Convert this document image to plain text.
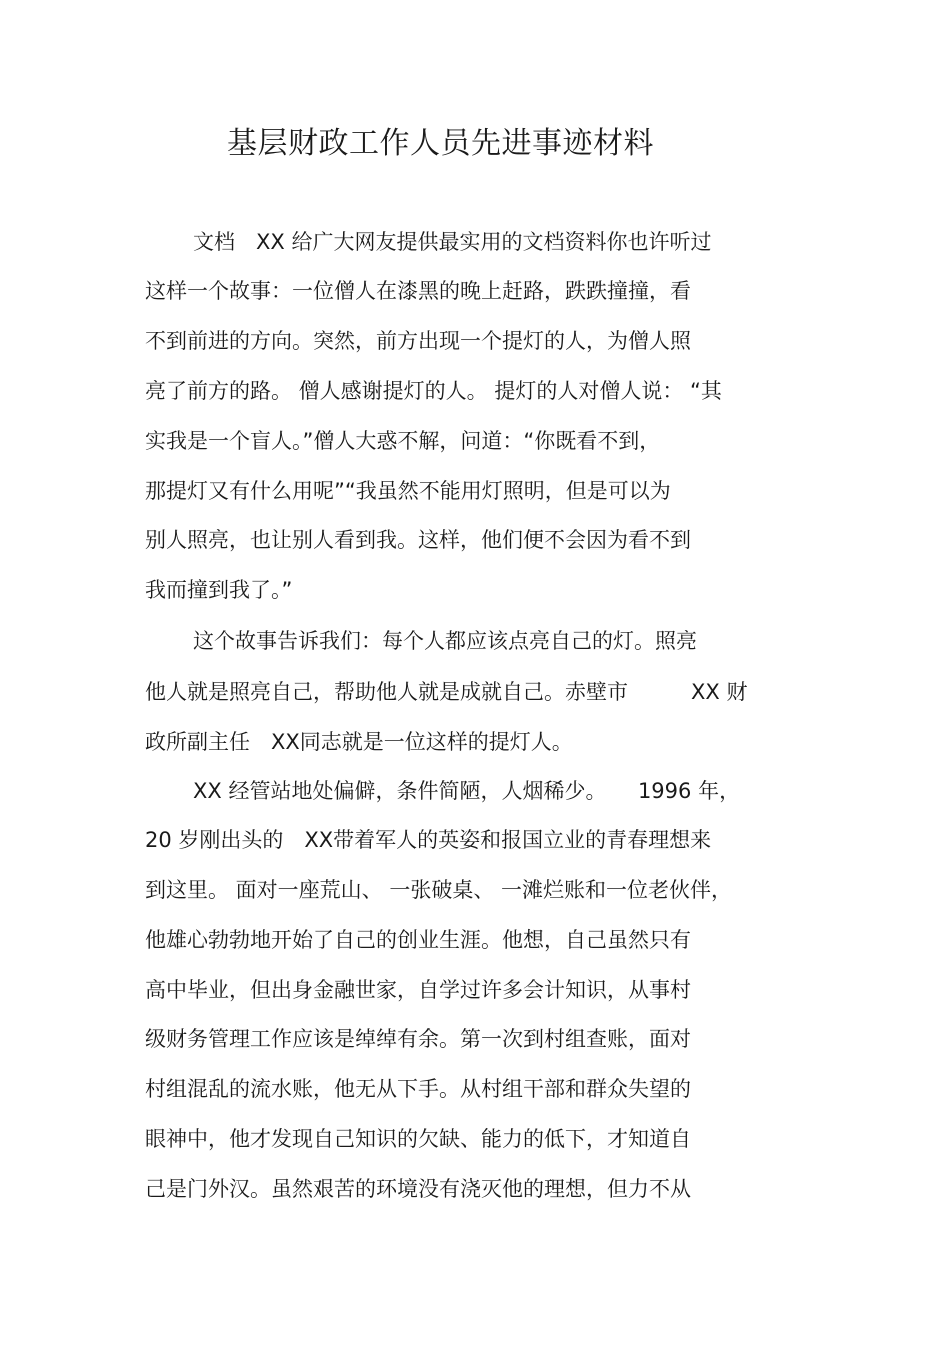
基层财政工作人员先进事迹材料
文档　XX 给广大网友提供最实用的文档资料你也许听过
这样一个故事：一位僧人在漆黑的晚上赶路，跌跌撞撞，看
不到前进的方向。突然，前方出现一个提灯的人，为僧人照
亮了前方的路。 僧人感谢提灯的人。 提灯的人对僧人说： “其
实我是一个盲人。”僧人大惑不解，问道：“你既看不到，
那提灯又有什么用呢”“我虽然不能用灯照明，但是可以为
别人照亮，也让别人看到我。这样，他们便不会因为看不到
我而撞到我了。”
这个故事告诉我们：每个人都应该点亮自己的灯。照亮
他人就是照亮自己，帮助他人就是成就自己。赤壁市　　　XX 财
政所副主任　XX同志就是一位这样的提灯人。
XX 经管站地处偏僻，条件简陋，人烟稀少。　　1996 年，
20 岁刚出头的　XX带着军人的英姿和报国立业的青春理想来
到这里。 面对一座荒山、 一张破桌、 一滩烂账和一位老伙伴，
他雄心勃勃地开始了自己的创业生涯。他想，自己虽然只有
高中毕业，但出身金融世家，自学过许多会计知识，从事村
级财务管理工作应该是绰绰有余。第一次到村组查账，面对
村组混乱的流水账，他无从下手。从村组干部和群众失望的
眼神中，他才发现自己知识的欠缺、能力的低下，才知道自
己是门外汉。虽然艰苦的环境没有浇灭他的理想，但力不从
